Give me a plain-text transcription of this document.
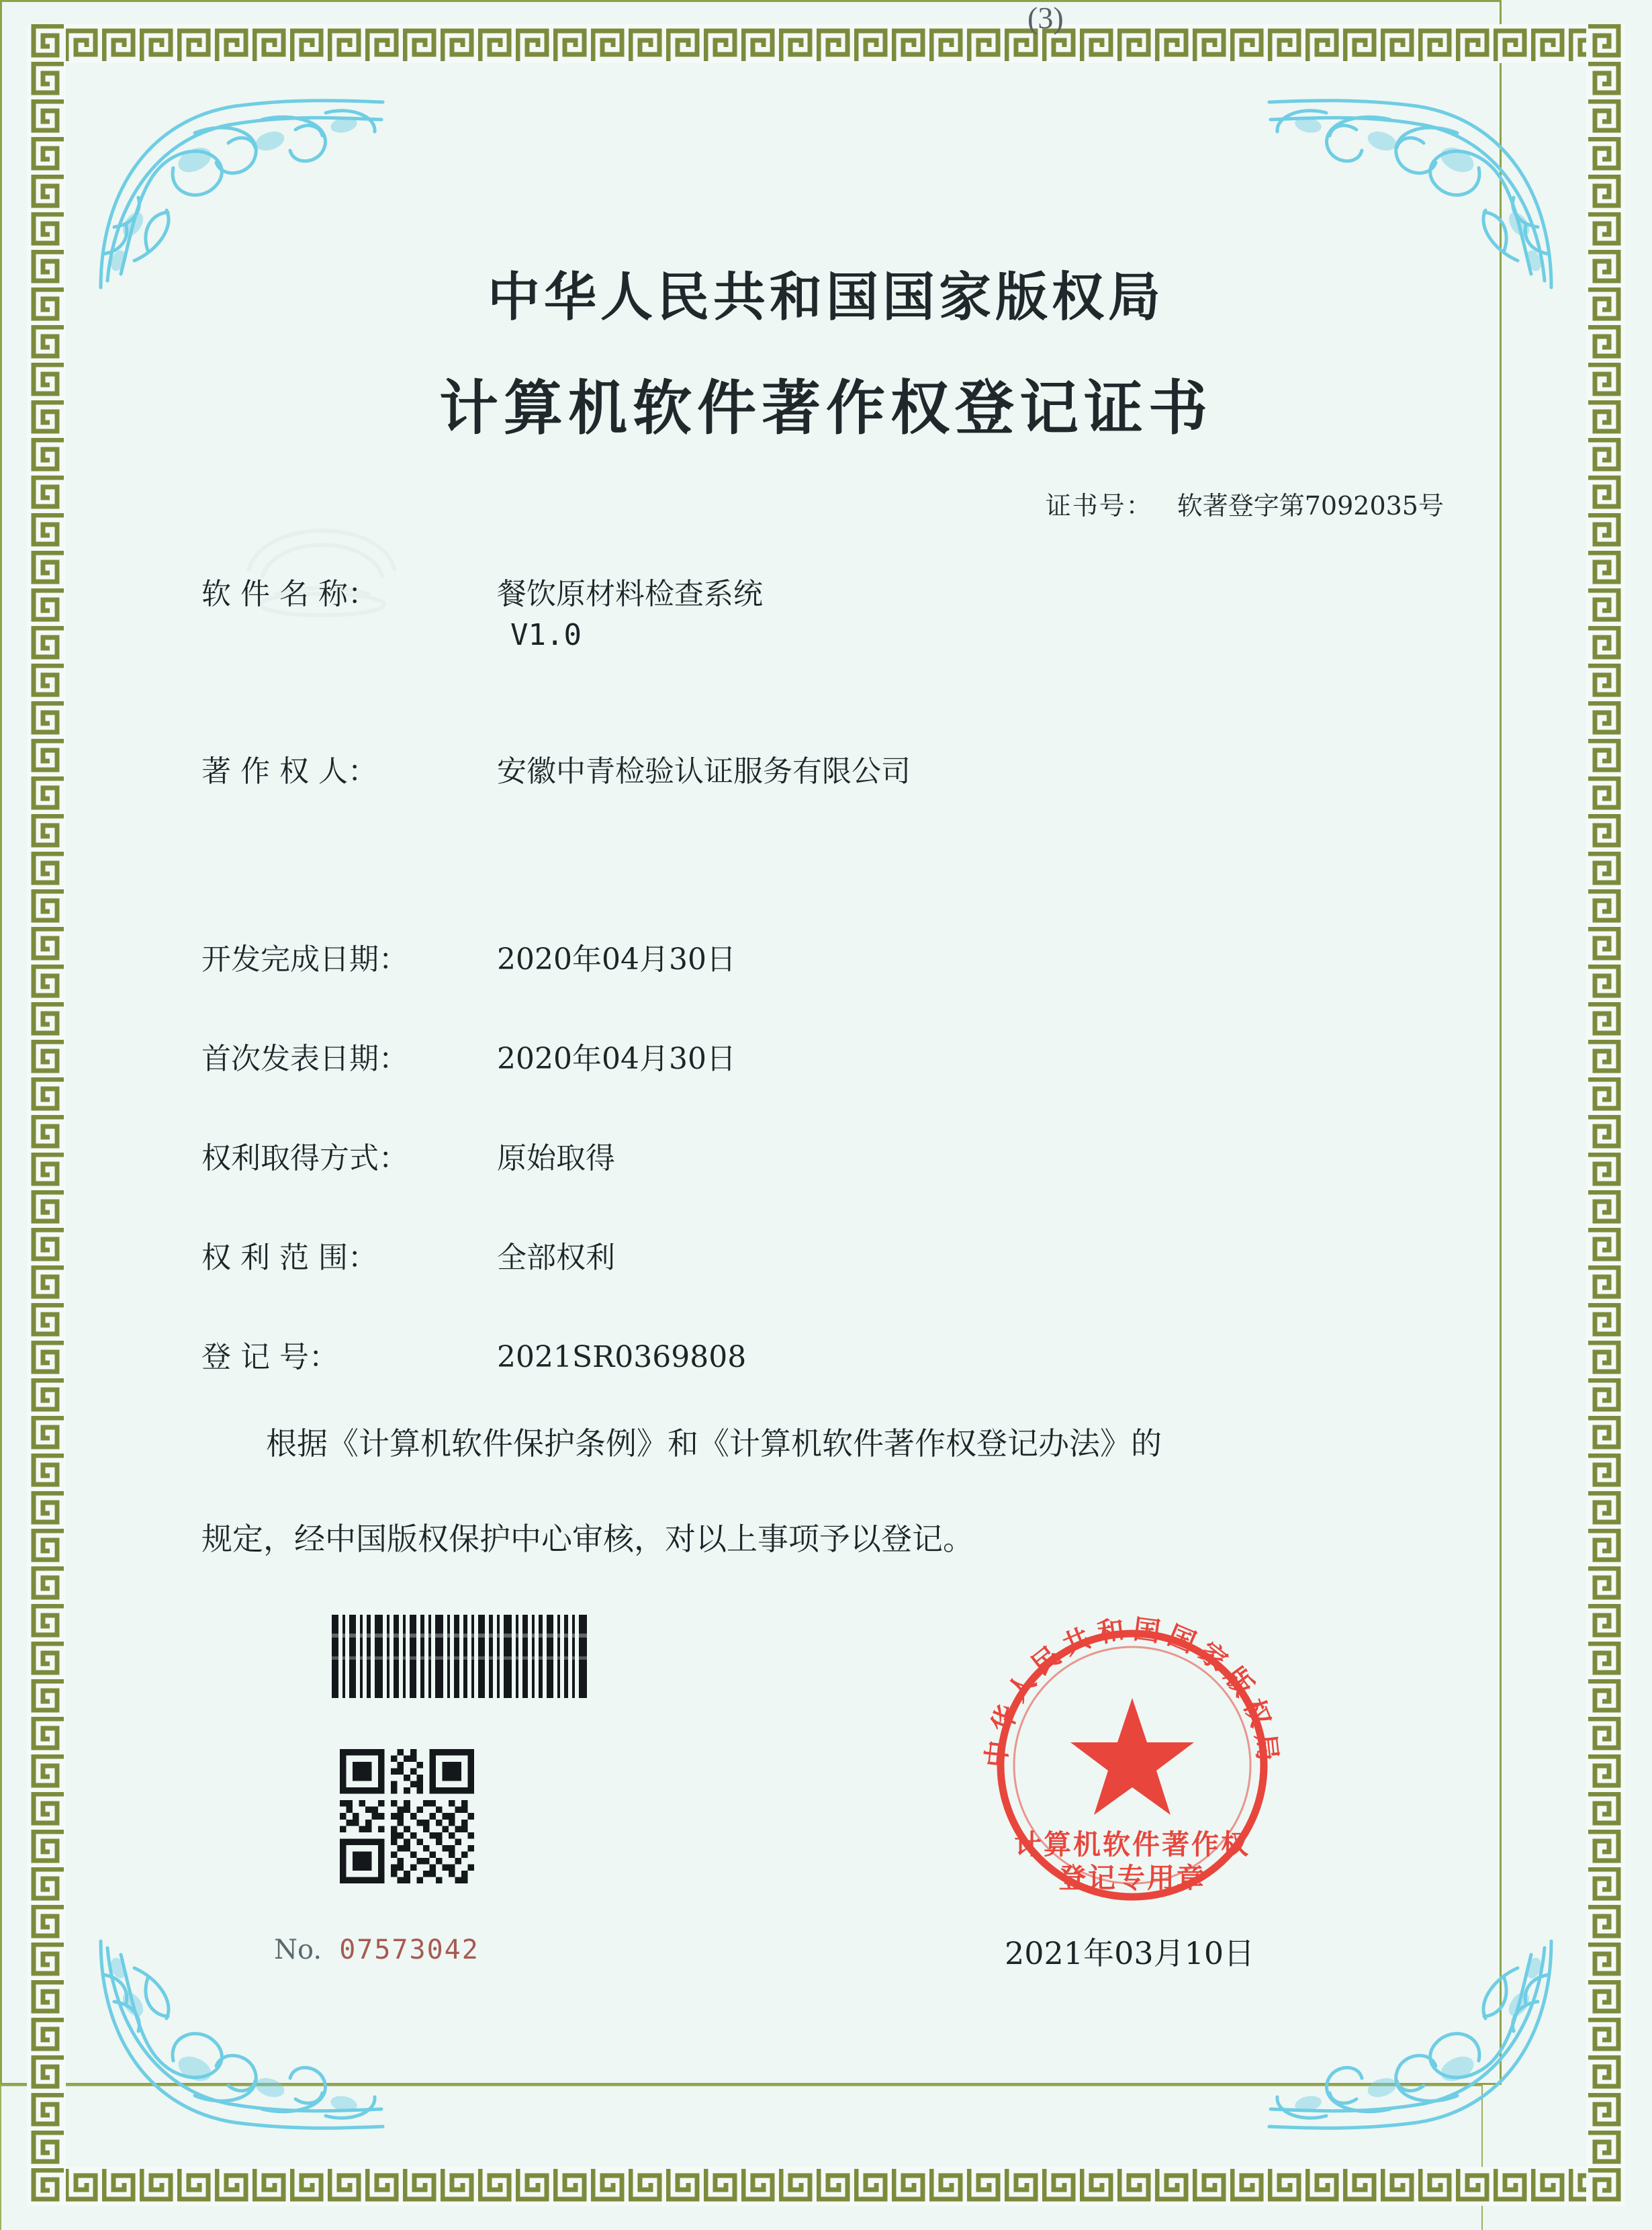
(3)
中华人民共和国国家版权局
计算机软件著作权登记证书
证书号： 软著登字第7092035号
软 件 名 称：	餐饮原材料检查系统
V1.0
著 作 权 人：	安徽中青检验认证服务有限公司
开发完成日期：	2020年04月30日
首次发表日期：	2020年04月30日
权利取得方式：	原始取得
权 利 范 围：	全部权利
登 记 号：	2021SR0369808
根据《计算机软件保护条例》和《计算机软件著作权登记办法》的
规定，经中国版权保护中心审核，对以上事项予以登记。
中华人民共和国国家版权局
计算机软件著作权
登记专用章
No. 07573042	2021年03月10日
